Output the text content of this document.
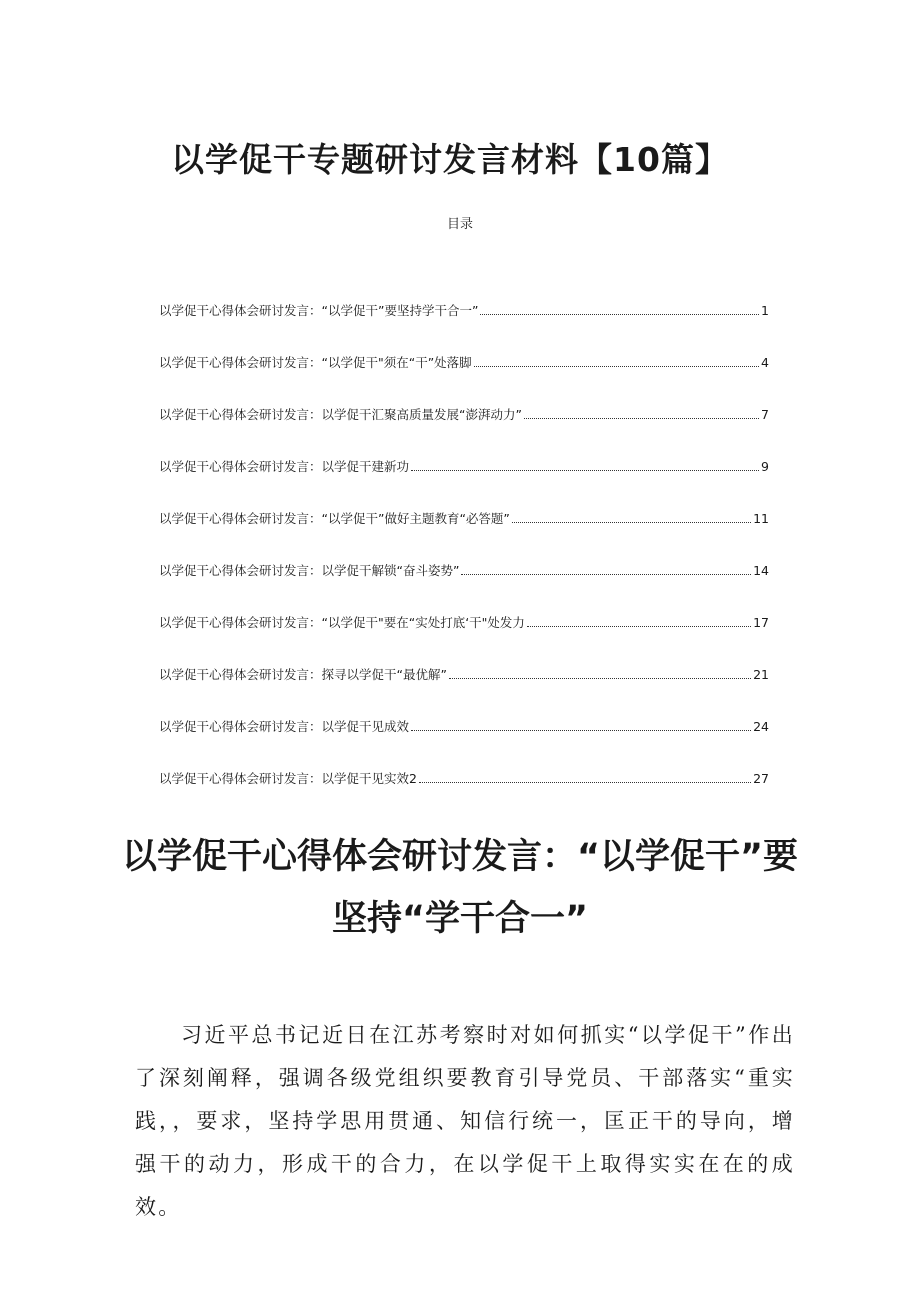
以学促干专题研讨发言材料【10篇】
目录
以学促干心得体会研讨发言：“以学促干”要坚持学干合一”	1
以学促干心得体会研讨发言：“以学促干"须在“干”处落脚	4
以学促干心得体会研讨发言：以学促干汇聚高质量发展“澎湃动力”	7
以学促干心得体会研讨发言：以学促干建新功	9
以学促干心得体会研讨发言：“以学促干”做好主题教育“必答题”	11
以学促干心得体会研讨发言：以学促干解锁“奋斗姿势”	14
以学促干心得体会研讨发言：“以学促干"要在“实处打底‘干"处发力	17
以学促干心得体会研讨发言：探寻以学促干“最优解”	21
以学促干心得体会研讨发言：以学促干见成效	24
以学促干心得体会研讨发言：以学促干见实效2	27
以学促干心得体会研讨发言：“以学促干”要
坚持“学干合一”

习近平总书记近日在江苏考察时对如何抓实“以学促干”作出了深刻阐释，强调各级党组织要教育引导党员、干部落实“重实践，，要求，坚持学思用贯通、知信行统一，匡正干的导向，增强干的动力，形成干的合力，在以学促干上取得实实在在的成效。
